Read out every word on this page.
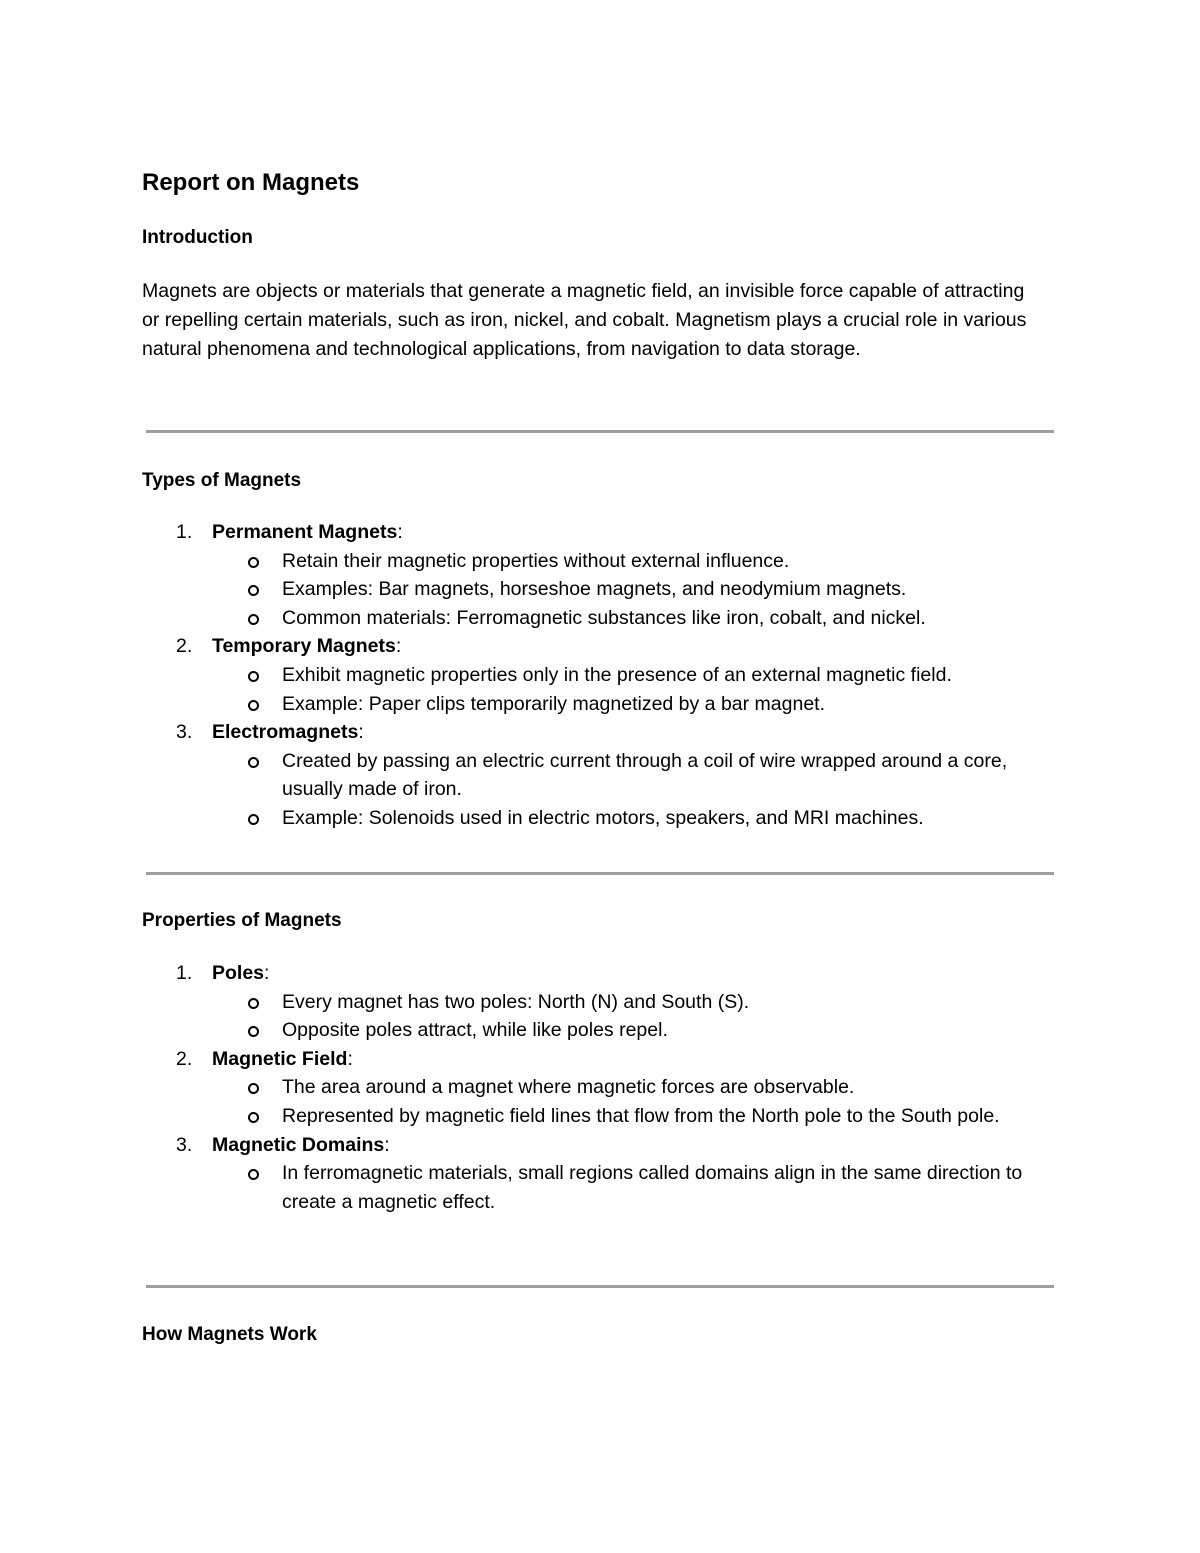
Report on Magnets
Introduction

Magnets are objects or materials that generate a magnetic field, an invisible force capable of attracting or repelling certain materials, such as iron, nickel, and cobalt. Magnetism plays a crucial role in various natural phenomena and technological applications, from navigation to data storage.

Types of Magnets
1. Permanent Magnets:
Retain their magnetic properties without external influence.
Examples: Bar magnets, horseshoe magnets, and neodymium magnets.
Common materials: Ferromagnetic substances like iron, cobalt, and nickel.
2. Temporary Magnets:
Exhibit magnetic properties only in the presence of an external magnetic field.
Example: Paper clips temporarily magnetized by a bar magnet.
3. Electromagnets:
Created by passing an electric current through a coil of wire wrapped around a core, usually made of iron.
Example: Solenoids used in electric motors, speakers, and MRI machines.
Properties of Magnets
1. Poles:
Every magnet has two poles: North (N) and South (S).
Opposite poles attract, while like poles repel.
2. Magnetic Field:
The area around a magnet where magnetic forces are observable.
Represented by magnetic field lines that flow from the North pole to the South pole.
3. Magnetic Domains:
In ferromagnetic materials, small regions called domains align in the same direction to create a magnetic effect.
How Magnets Work
